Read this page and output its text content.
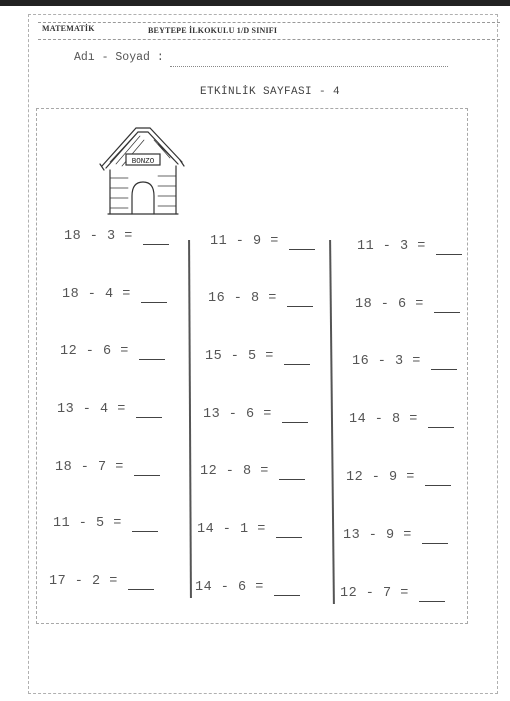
MATEMATİK	BEYTEPE İLKOKULU 1/D SINIFI
Adı - Soyad :
ETKİNLİK SAYFASI - 4
BONZO
18 - 3 =
18 - 4 =
12 - 6 =
13 - 4 =
18 - 7 =
11 - 5 =
17 - 2 =
11 - 9 =
16 - 8 =
15 - 5 =
13 - 6 =
12 - 8 =
14 - 1 =
14 - 6 =
11 - 3 =
18 - 6 =
16 - 3 =
14 - 8 =
12 - 9 =
13 - 9 =
12 - 7 =
